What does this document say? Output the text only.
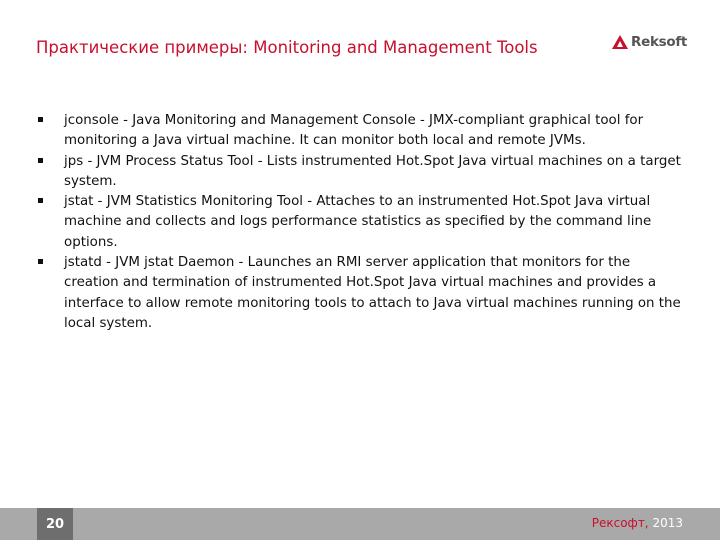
Практические примеры: Monitoring and Management Tools	Reksoft
jconsole - Java Monitoring and Management Console - JMX-compliant graphical tool for monitoring a Java virtual machine. It can monitor both local and remote JVMs.
jps - JVM Process Status Tool - Lists instrumented Hot.Spot Java virtual machines on a target system.
jstat - JVM Statistics Monitoring Tool - Attaches to an instrumented Hot.Spot Java virtual machine and collects and logs performance statistics as specified by the command line options.
jstatd - JVM jstat Daemon - Launches an RMI server application that monitors for the creation and termination of instrumented Hot.Spot Java virtual machines and provides a interface to allow remote monitoring tools to attach to Java virtual machines running on the local system.
20	Рексофт, 2013
